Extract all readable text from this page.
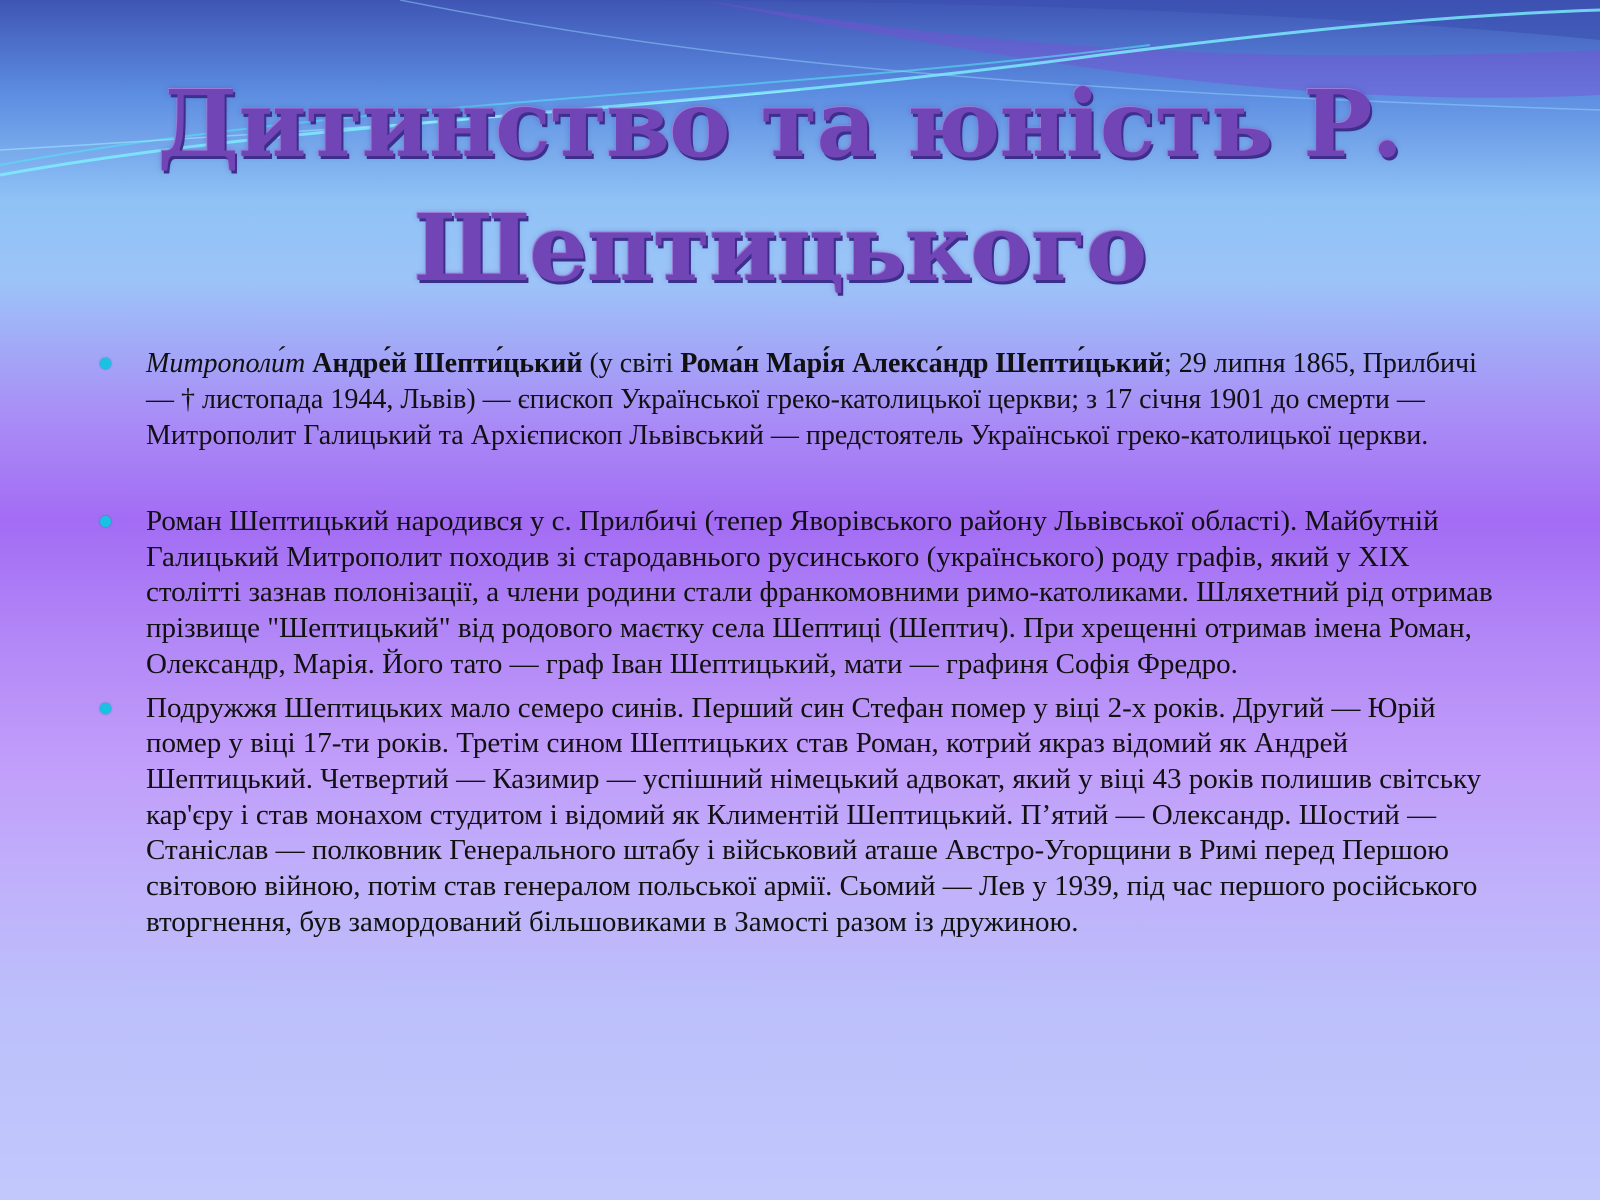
Дитинство та юність Р. Шептицького
Митрополи́т Андре́й Шепти́цький (у світі Рома́н Марі́я Алекса́ндр Шепти́цький; 29 липня 1865, Прилбичі — † листопада 1944, Львів) — єпископ Української греко-католицької церкви; з 17 січня 1901 до смерти — Митрополит Галицький та Архієпископ Львівський — предстоятель Української греко-католицької церкви.
Роман Шептицький народився у с. Прилбичі (тепер Яворівського району Львівської області). Майбутній Галицький Митрополит походив зі стародавнього русинського (українського) роду графів, який у XIX столітті зазнав полонізації, а члени родини стали франкомовними римо-католиками. Шляхетний рід отримав прізвище "Шептицький" від родового маєтку села Шептиці (Шептич). При хрещенні отримав імена Роман, Олександр, Марія. Його тато — граф Іван Шептицький, мати — графиня Софія Фредро.
Подружжя Шептицьких мало семеро синів. Перший син Стефан помер у віці 2-х років. Другий — Юрій помер у віці 17-ти років. Третім сином Шептицьких став Роман, котрий якраз відомий як Андрей Шептицький. Четвертий — Казимир — успішний німецький адвокат, який у віці 43 років полишив світську кар'єру і став монахом студитом і відомий як Климентій Шептицький. П’ятий — Олександр. Шостий — Станіслав — полковник Генерального штабу і військовий аташе Австро-Угорщини в Римі перед Першою світовою війною, потім став генералом польської армії. Сьомий — Лев у 1939, під час першого російського вторгнення, був замордований більшовиками в Замості разом із дружиною.
